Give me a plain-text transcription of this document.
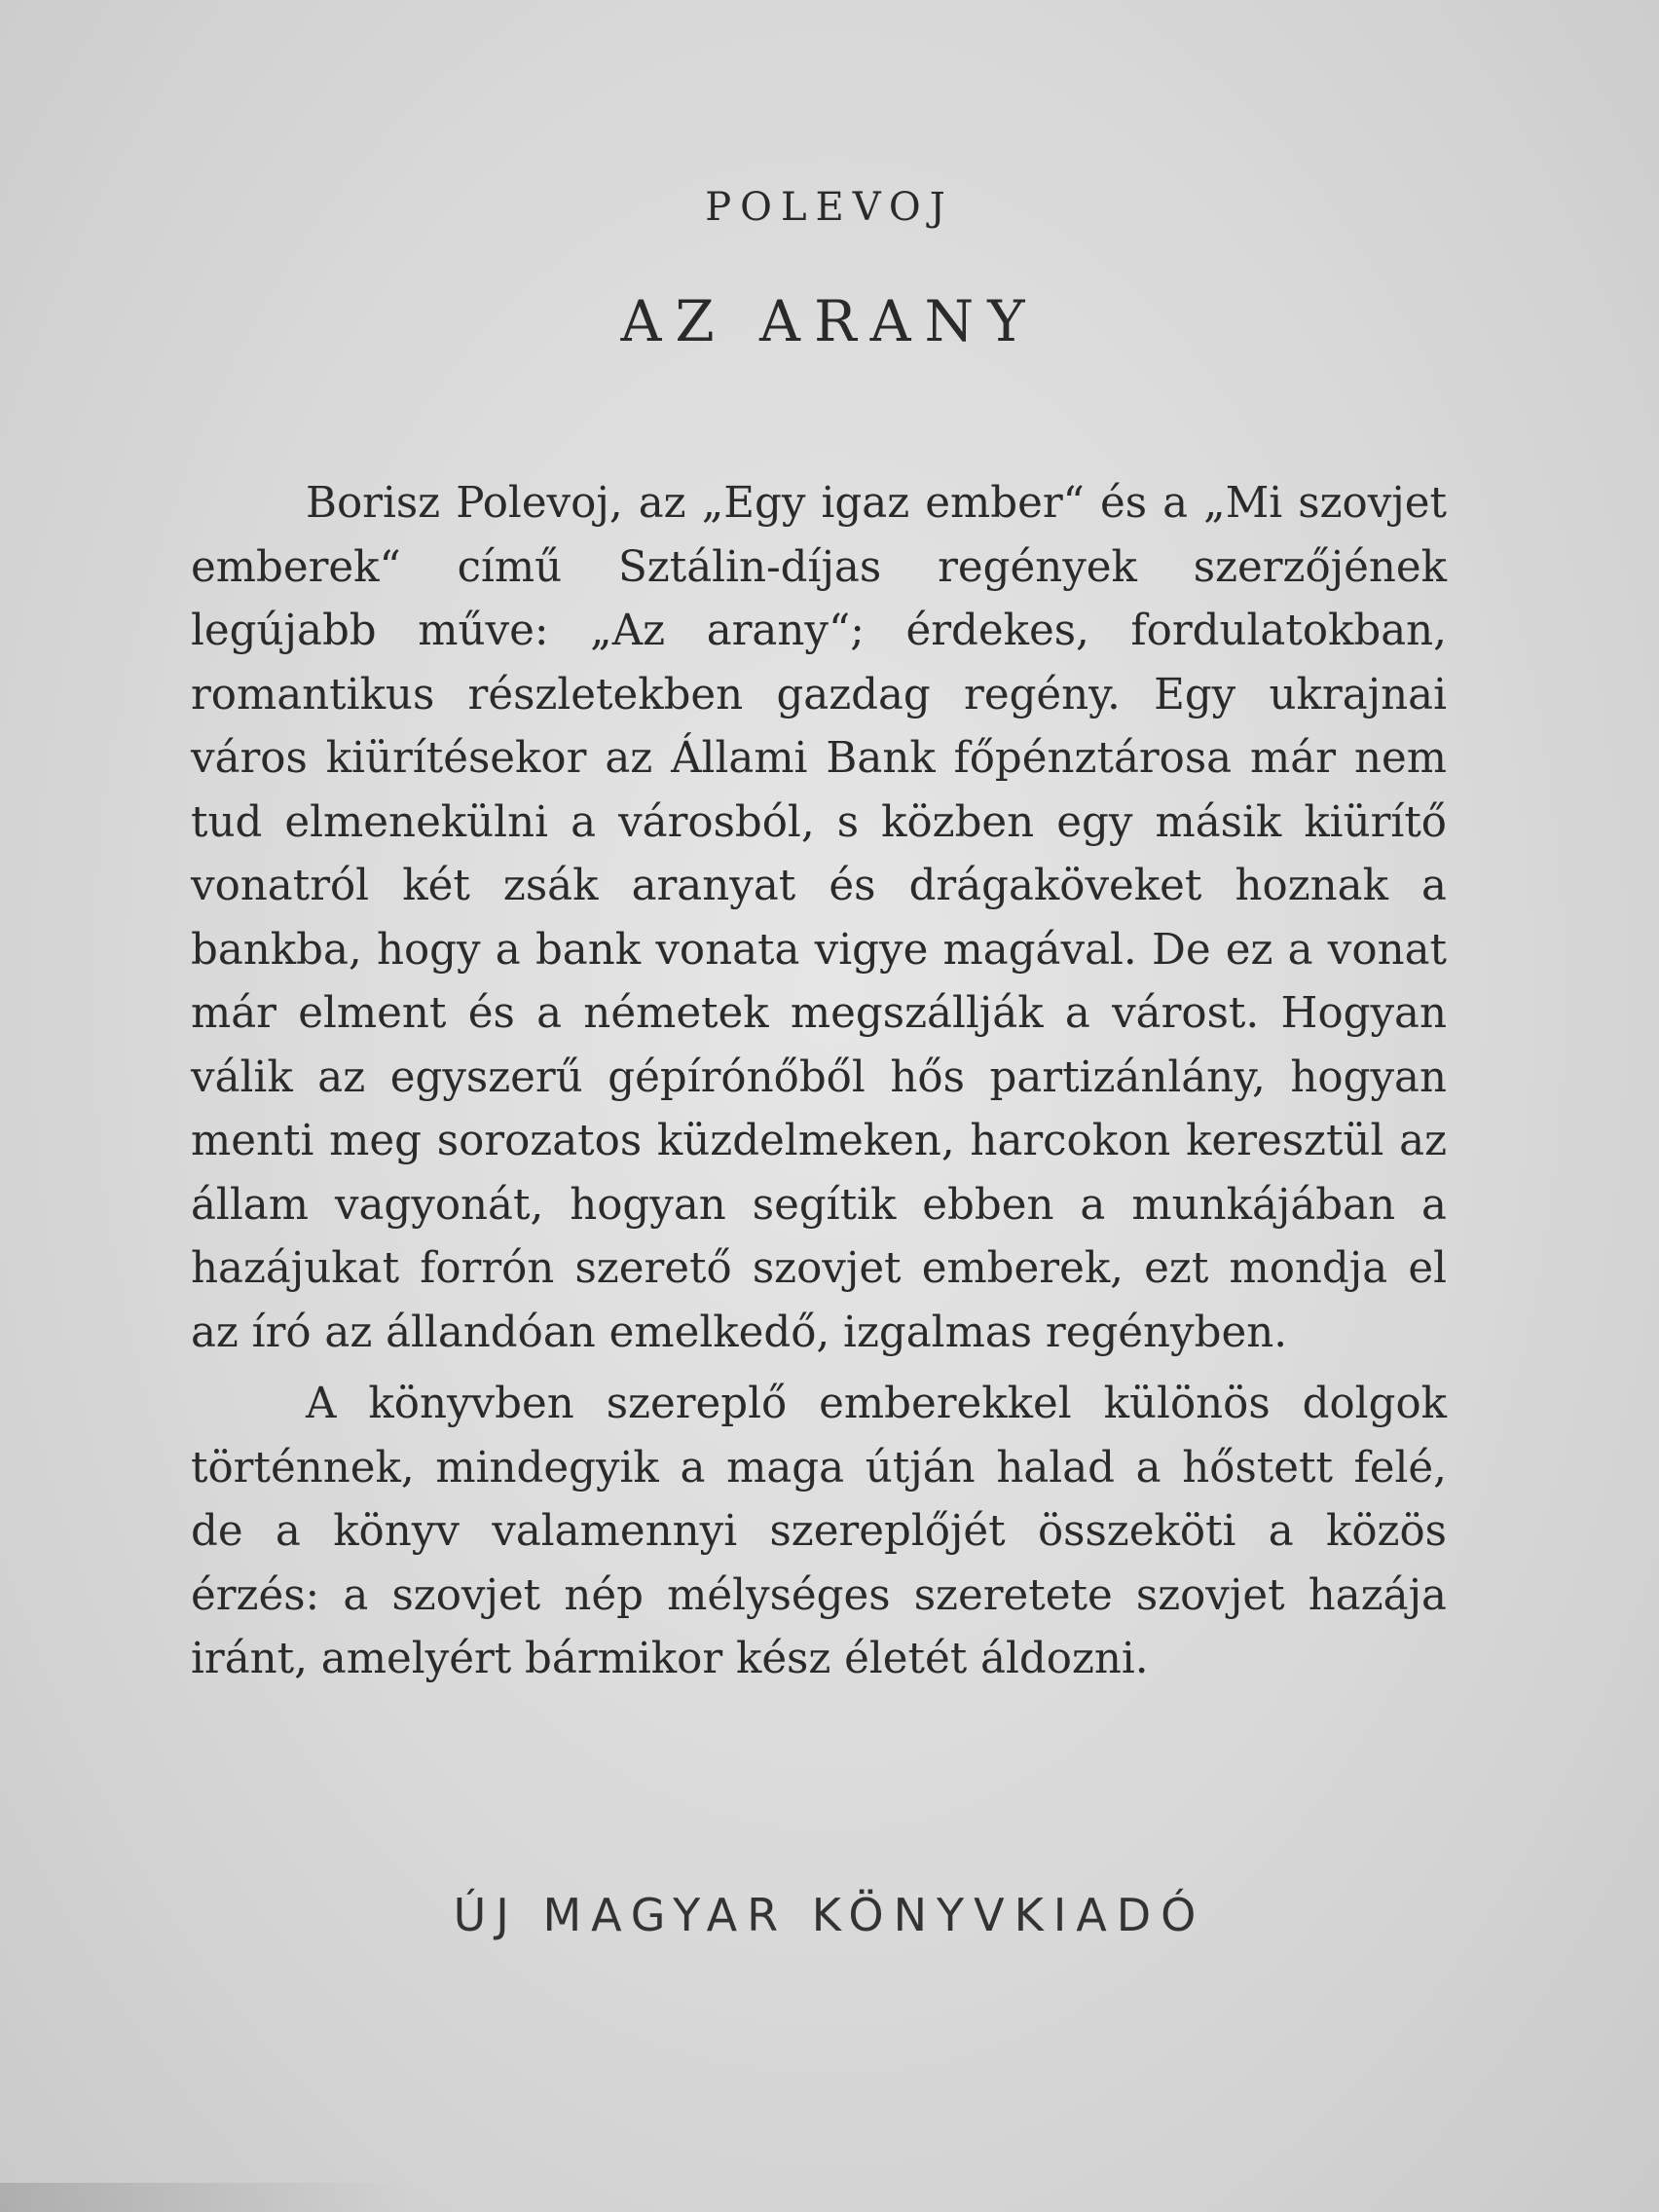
POLEVOJ
AZ ARANY

Borisz Polevoj, az „Egy igaz ember“ és a „Mi szovjet emberek“ című Sztálin-díjas regények szerzőjének legújabb műve: „Az arany“; érdekes, fordulatokban, romantikus részletekben gazdag regény. Egy ukrajnai város kiürítésekor az Állami Bank főpénztárosa már nem tud elmenekülni a városból, s közben egy másik kiürítő vonatról két zsák aranyat és drágaköveket hoznak a bankba, hogy a bank vonata vigye magával. De ez a vonat már elment és a németek megszállják a várost. Hogyan válik az egyszerű gépírónőből hős partizánlány, hogyan menti meg sorozatos küzdelmeken, harcokon keresztül az állam vagyonát, hogyan segítik ebben a munkájában a hazájukat forrón szerető szovjet emberek, ezt mondja el az író az állandóan emelkedő, izgalmas regényben.

A könyvben szereplő emberekkel különös dolgok történnek, mindegyik a maga útján halad a hőstett felé, de a könyv valamennyi szereplőjét összeköti a közös érzés: a szovjet nép mélységes szeretete szovjet hazája iránt, amelyért bármikor kész életét áldozni.

ÚJ MAGYAR KÖNYVKIADÓ
